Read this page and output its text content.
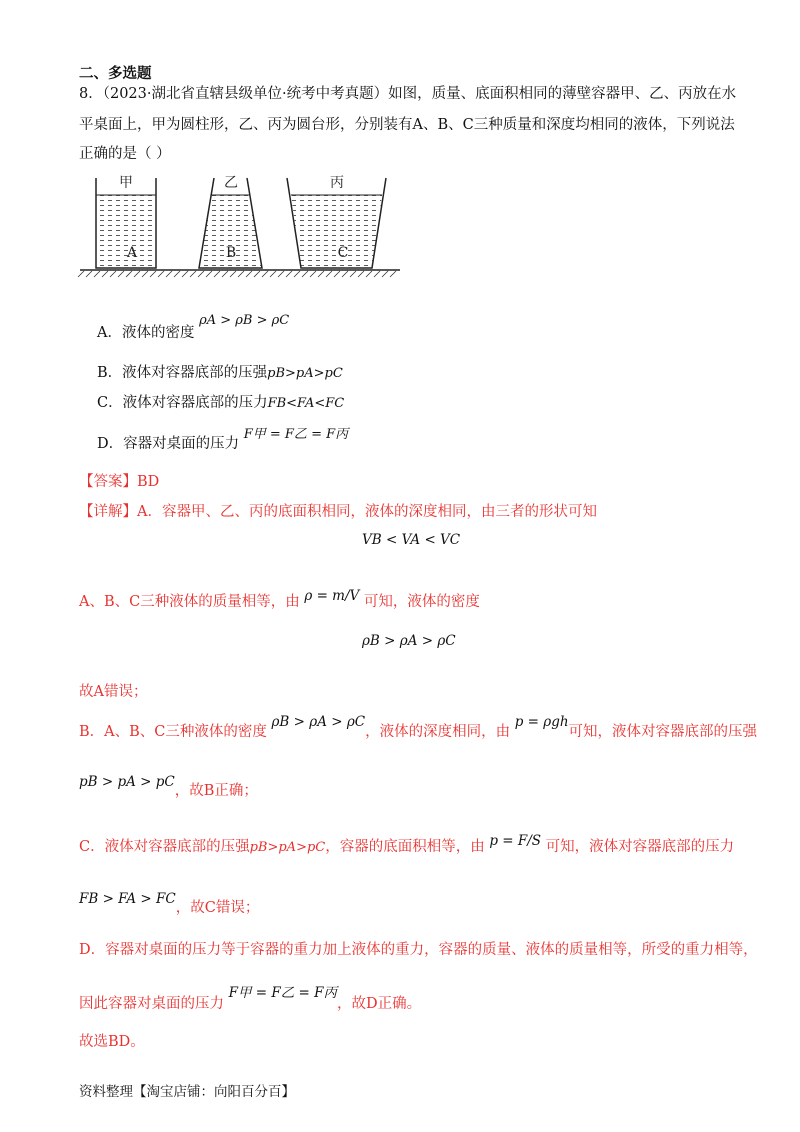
二、多选题
8．（2023·湖北省直辖县级单位·统考中考真题）如图，质量、底面积相同的薄壁容器甲、乙、丙放在水
平桌面上，甲为圆柱形，乙、丙为圆台形，分别装有A、B、C三种质量和深度均相同的液体，下列说法
正确的是（ ）
甲	乙	丙
A	B	C
A．液体的密度 ρA > ρB > ρC
B．液体对容器底部的压强pB>pA>pC
C．液体对容器底部的压力FB<FA<FC
D．容器对桌面的压力 F甲 = F乙 = F丙
【答案】BD
【详解】A．容器甲、乙、丙的底面积相同，液体的深度相同，由三者的形状可知
VB < VA < VC
A、B、C三种液体的质量相等，由 ρ = m/V 可知，液体的密度
ρB > ρA > ρC
故A错误；
B．A、B、C三种液体的密度 ρB > ρA > ρC，液体的深度相同，由 p = ρgh可知，液体对容器底部的压强
pB > pA > pC，故B正确；
C．液体对容器底部的压强pB>pA>pC，容器的底面积相等，由 p = F/S 可知，液体对容器底部的压力
FB > FA > FC，故C错误；
D．容器对桌面的压力等于容器的重力加上液体的重力，容器的质量、液体的质量相等，所受的重力相等，
因此容器对桌面的压力 F甲 = F乙 = F丙，故D正确。
故选BD。
资料整理【淘宝店铺：向阳百分百】
